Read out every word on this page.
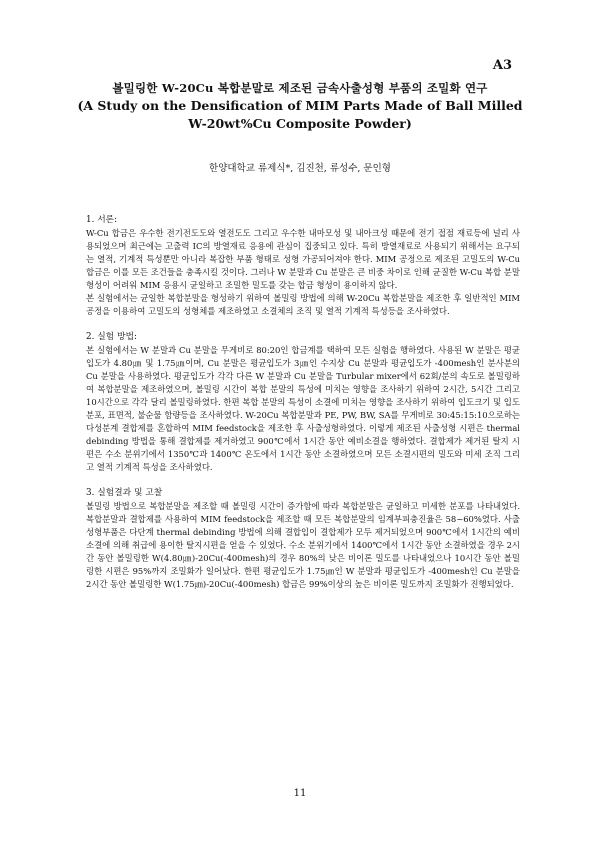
A3
볼밀링한 W-20Cu 복합분말로 제조된 금속사출성형 부품의 조밀화 연구
(A Study on the Densification of MIM Parts Made of Ball Milled
W-20wt%Cu Composite Powder)
한양대학교 류제식*, 김진천, 류성수, 문인형
1. 서론:

W-Cu 합금은 우수한 전기전도도와 열전도도 그리고 우수한 내마모성 및 내아크성 때문에 전기 접점 재료등에 널리 사용되었으며 최근에는 고출력 IC의 방열재료 응용에 관심이 집중되고 있다. 특히 방열재료로 사용되기 위해서는 요구되는 열적, 기계적 특성뿐만 아니라 복잡한 부품 형태로 성형 가공되어져야 한다. MIM 공정으로 제조된 고밀도의 W-Cu 합금은 이를 모든 조건들을 충족시킬 것이다. 그러나 W 분말과 Cu 분말은 큰 비중 차이로 인해 균질한 W-Cu 복합 분말 형성이 어려워 MIM 응용시 균일하고 조밀한 밀도를 갖는 합금 형성이 용이하지 않다.

본 실험에서는 균일한 복합분말을 형성하기 위하여 볼밀링 방법에 의해 W-20Cu 복합분말을 제조한 후 일반적인 MIM 공정을 이용하여 고밀도의 성형체를 제조하였고 소결체의 조직 및 열적 기계적 특성등을 조사하였다.

2. 실험 방법:

본 실험에서는 W 분말과 Cu 분말을 무게비로 80:20인 합금계를 택하여 모든 실험을 행하였다. 사용된 W 분말은 평균입도가 4.80㎛ 및 1.75㎛이며, Cu 분말은 평균입도가 3㎛인 수지상 Cu 분말과 평균입도가 -400mesh인 분사분의 Cu 분말을 사용하였다. 평균입도가 각각 다른 W 분말과 Cu 분말을 Turbular mixer에서 62회/분의 속도로 볼밀링하여 복합분말을 제조하였으며, 볼밀링 시간이 복합 분말의 특성에 미치는 영향을 조사하기 위하여 2시간, 5시간 그리고 10시간으로 각각 달리 볼밀링하였다. 한편 복합 분말의 특성이 소결에 미치는 영향을 조사하기 위하여 입도크기 및 입도분포, 표면적, 불순물 함량등을 조사하였다. W-20Cu 복합분말과 PE, PW, BW, SA를 무게비로 30:45:15:10으로하는 다성분계 결합제를 혼합하여 MIM feedstock을 제조한 후 사출성형하였다. 이렇게 제조된 사출성형 시편은 thermal debinding 방법을 통해 결합제를 제거하였고 900℃에서 1시간 동안 예비소결을 행하였다. 결합제가 제거된 탈지 시편은 수소 분위기에서 1350℃과 1400℃ 온도에서 1시간 동안 소결하였으며 모든 소결시편의 밀도와 미세 조직 그리고 열적 기계적 특성을 조사하였다.

3. 실험결과 및 고찰

볼밀링 방법으로 복합분말을 제조할 때 볼밀링 시간이 증가함에 따라 복합분말은 균일하고 미세한 분포를 나타내었다. 복합분말과 결합제를 사용하여 MIM feedstock을 제조할 때 모든 복합분말의 임계부피충진율은 58~60%였다. 사출성형부품은 다단계 thermal debinding 방법에 의해 결합입이 결합제가 모두 제거되었으며 900℃에서 1시간의 예비소결에 의해 취급에 용이한 탈지시편을 얻을 수 있었다. 수소 분위기에서 1400℃에서 1시간 동안 소결하였을 경우 2시간 동안 볼밀링한 W(4.80㎛)-20Cu(-400mesh)의 경우 80%의 낮은 비이론 밀도를 나타내었으나 10시간 동안 볼밀링한 시편은 95%까지 조밀화가 일어났다. 한편 평균입도가 1.75㎛인 W 분말과 평균입도가 -400mesh인 Cu 분말을 2시간 동안 볼밀링한 W(1.75㎛)-20Cu(-400mesh) 합금은 99%이상의 높은 비이론 밀도까지 조밀화가 진행되었다.

11
